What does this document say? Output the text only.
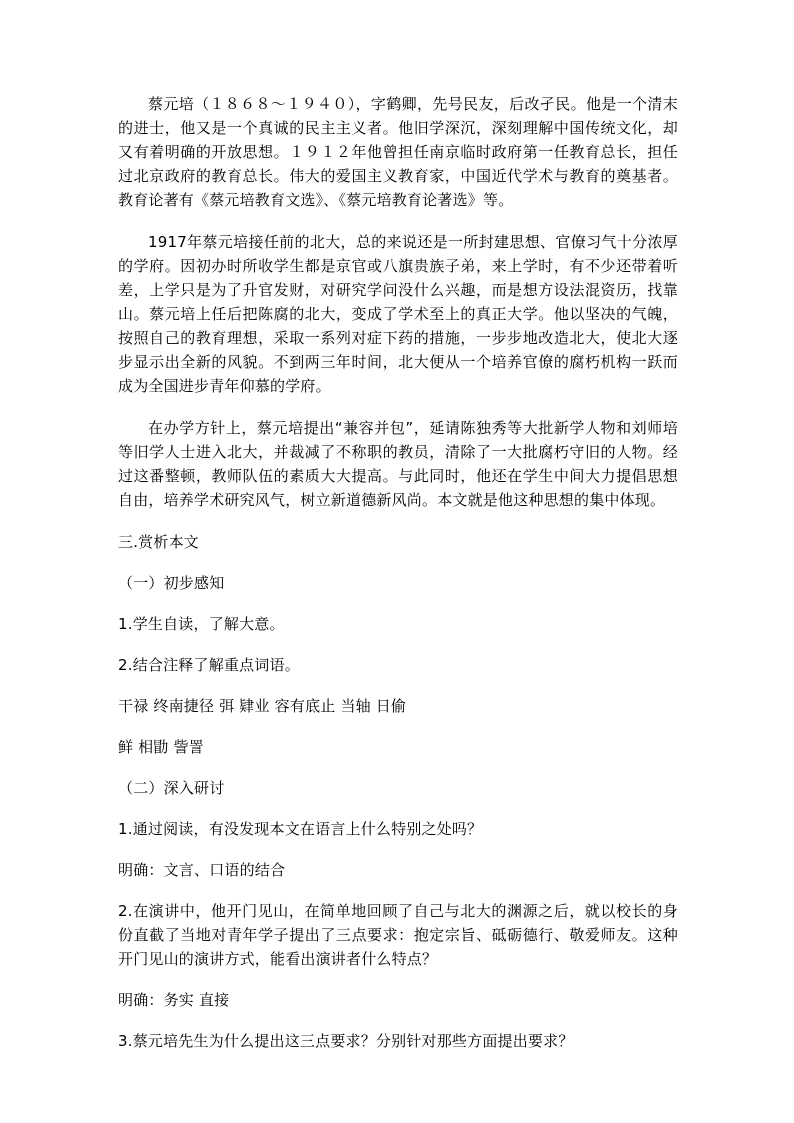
蔡元培（１８６８～１９４０），字鹤卿，先号民友，后改孑民。他是一个清末的进士，他又是一个真诚的民主主义者。他旧学深沉，深刻理解中国传统文化，却又有着明确的开放思想。１９１２年他曾担任南京临时政府第一任教育总长，担任过北京政府的教育总长。伟大的爱国主义教育家，中国近代学术与教育的奠基者。教育论著有《蔡元培教育文选》、《蔡元培教育论著选》等。

1917年蔡元培接任前的北大，总的来说还是一所封建思想、官僚习气十分浓厚的学府。因初办时所收学生都是京官或八旗贵族子弟，来上学时，有不少还带着听差，上学只是为了升官发财，对研究学问没什么兴趣，而是想方设法混资历，找靠山。蔡元培上任后把陈腐的北大，变成了学术至上的真正大学。他以坚决的气魄，按照自己的教育理想，采取一系列对症下药的措施，一步步地改造北大，使北大逐步显示出全新的风貌。不到两三年时间，北大便从一个培养官僚的腐朽机构一跃而成为全国进步青年仰慕的学府。

在办学方针上，蔡元培提出“兼容并包”，延请陈独秀等大批新学人物和刘师培等旧学人士进入北大，并裁减了不称职的教员，清除了一大批腐朽守旧的人物。经过这番整顿，教师队伍的素质大大提高。与此同时，他还在学生中间大力提倡思想自由，培养学术研究风气，树立新道德新风尚。本文就是他这种思想的集中体现。

三.赏析本文

（一）初步感知

1.学生自读，了解大意。

2.结合注释了解重点词语。

干禄 终南捷径 弭 肄业 容有底止 当轴 日偷

鲜 相勖 訾詈

（二）深入研讨

1.通过阅读，有没发现本文在语言上什么特别之处吗？

明确：文言、口语的结合

2.在演讲中，他开门见山，在简单地回顾了自己与北大的渊源之后，就以校长的身份直截了当地对青年学子提出了三点要求：抱定宗旨、砥砺德行、敬爱师友。这种开门见山的演讲方式，能看出演讲者什么特点？

明确：务实 直接

3.蔡元培先生为什么提出这三点要求？分别针对那些方面提出要求？
